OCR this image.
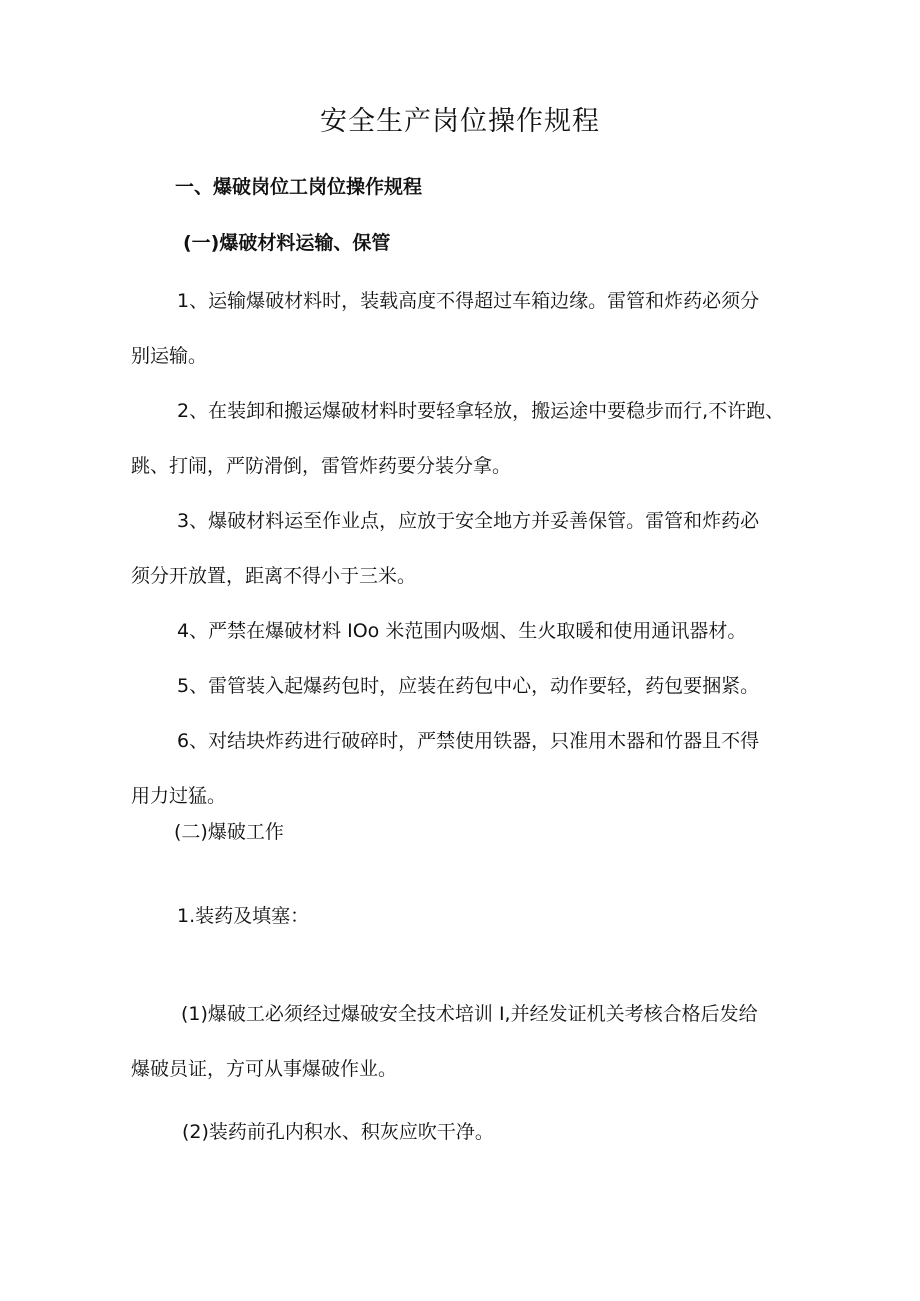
安全生产岗位操作规程
一、爆破岗位工岗位操作规程
(一)爆破材料运输、保管
1、运输爆破材料时，装载高度不得超过车箱边缘。雷管和炸药必须分
别运输。
2、在装卸和搬运爆破材料时要轻拿轻放，搬运途中要稳步而行,不许跑、
跳、打闹，严防滑倒，雷管炸药要分装分拿。
3、爆破材料运至作业点，应放于安全地方并妥善保管。雷管和炸药必
须分开放置，距离不得小于三米。
4、严禁在爆破材料 IOo 米范围内吸烟、生火取暖和使用通讯器材。
5、雷管装入起爆药包时，应装在药包中心，动作要轻，药包要捆紧。
6、对结块炸药进行破碎时，严禁使用铁器，只准用木器和竹器且不得
用力过猛。
(二)爆破工作
1.装药及填塞：
(1)爆破工必须经过爆破安全技术培训 I,并经发证机关考核合格后发给
爆破员证，方可从事爆破作业。
(2)装药前孔内积水、积灰应吹干净。
